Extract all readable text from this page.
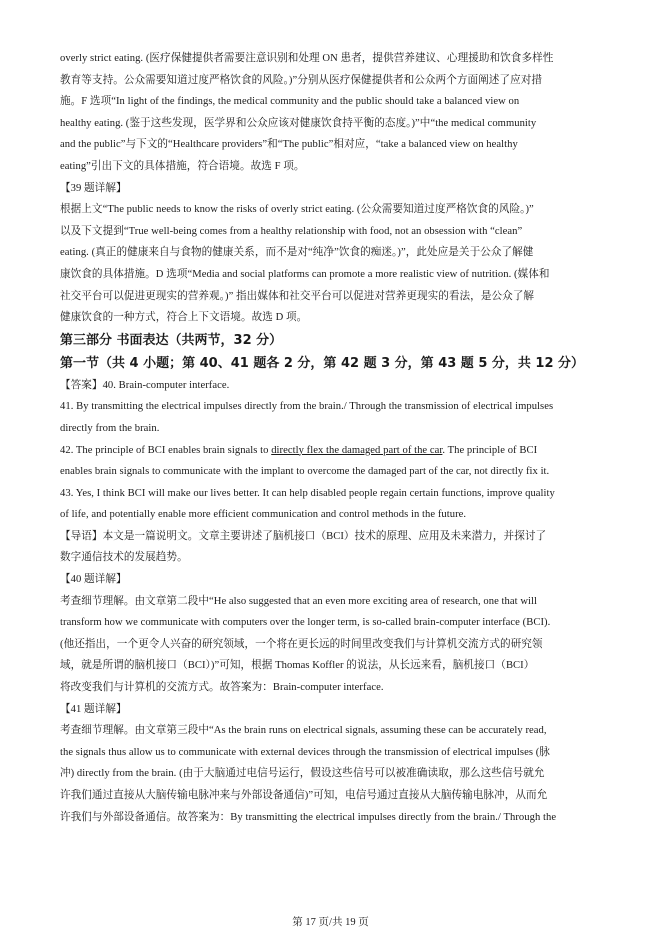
overly strict eating. (医疗保健提供者需要注意识别和处理 ON 患者，提供营养建议、心理援助和饮食多样性
教育等支持。公众需要知道过度严格饮食的风险。)”分别从医疗保健提供者和公众两个方面阐述了应对措
施。F 选项“In light of the findings, the medical community and the public should take a balanced view on
healthy eating. (鉴于这些发现，医学界和公众应该对健康饮食持平衡的态度。)”中“the medical community
and the public”与下文的“Healthcare providers”和“The public”相对应，“take a balanced view on healthy
eating”引出下文的具体措施，符合语境。故选 F 项。
【39 题详解】
根据上文“The public needs to know the risks of overly strict eating. (公众需要知道过度严格饮食的风险。)”
以及下文提到“True well-being comes from a healthy relationship with food, not an obsession with “clean”
eating. (真正的健康来自与食物的健康关系，而不是对“纯净”饮食的痴迷。)”，此处应是关于公众了解健
康饮食的具体措施。D 选项“Media and social platforms can promote a more realistic view of nutrition. (媒体和
社交平台可以促进更现实的营养观。)” 指出媒体和社交平台可以促进对营养更现实的看法，是公众了解
健康饮食的一种方式，符合上下文语境。故选 D 项。
第三部分 书面表达（共两节，32 分）
第一节（共 4 小题；第 40、41 题各 2 分，第 42 题 3 分，第 43 题 5 分，共 12 分）
【答案】40. Brain-computer interface.
41. By transmitting the electrical impulses directly from the brain./ Through the transmission of electrical impulses
directly from the brain.
42. The principle of BCI enables brain signals to directly flex the damaged part of the car. The principle of BCI
enables brain signals to communicate with the implant to overcome the damaged part of the car, not directly fix it.
43. Yes, I think BCI will make our lives better. It can help disabled people regain certain functions, improve quality
of life, and potentially enable more efficient communication and control methods in the future.
【导语】本文是一篇说明文。文章主要讲述了脑机接口（BCI）技术的原理、应用及未来潜力，并探讨了
数字通信技术的发展趋势。
【40 题详解】
考查细节理解。由文章第二段中“He also suggested that an even more exciting area of research, one that will
transform how we communicate with computers over the longer term, is so-called brain-computer interface (BCI).
(他还指出，一个更令人兴奋的研究领域，一个将在更长远的时间里改变我们与计算机交流方式的研究领
域，就是所谓的脑机接口（BCI）)”可知，根据 Thomas Koffler 的说法，从长远来看，脑机接口（BCI）
将改变我们与计算机的交流方式。故答案为：Brain-computer interface.
【41 题详解】
考查细节理解。由文章第三段中“As the brain runs on electrical signals, assuming these can be accurately read,
the signals thus allow us to communicate with external devices through the transmission of electrical impulses (脉
冲) directly from the brain. (由于大脑通过电信号运行，假设这些信号可以被准确读取，那么这些信号就允
许我们通过直接从大脑传输电脉冲来与外部设备通信)”可知，电信号通过直接从大脑传输电脉冲，从而允
许我们与外部设备通信。故答案为：By transmitting the electrical impulses directly from the brain./ Through the
第 17 页/共 19 页
